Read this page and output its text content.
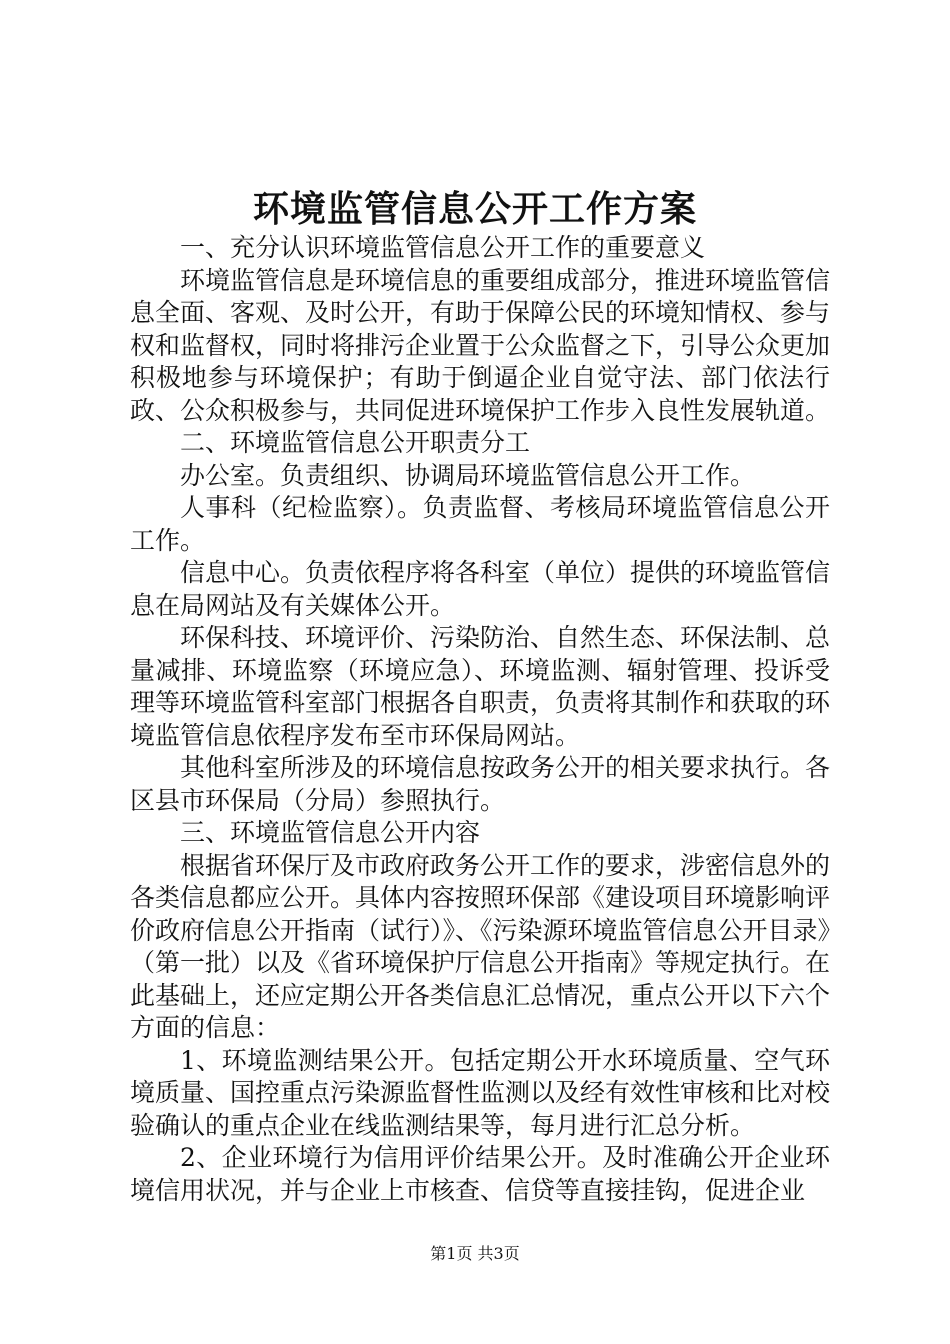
环境监管信息公开工作方案

一、充分认识环境监管信息公开工作的重要意义

环境监管信息是环境信息的重要组成部分，推进环境监管信息全面、客观、及时公开，有助于保障公民的环境知情权、参与权和监督权，同时将排污企业置于公众监督之下，引导公众更加积极地参与环境保护；有助于倒逼企业自觉守法、部门依法行政、公众积极参与，共同促进环境保护工作步入良性发展轨道。

二、环境监管信息公开职责分工

办公室。负责组织、协调局环境监管信息公开工作。

人事科（纪检监察）。负责监督、考核局环境监管信息公开工作。

信息中心。负责依程序将各科室（单位）提供的环境监管信息在局网站及有关媒体公开。

环保科技、环境评价、污染防治、自然生态、环保法制、总量减排、环境监察（环境应急）、环境监测、辐射管理、投诉受理等环境监管科室部门根据各自职责，负责将其制作和获取的环境监管信息依程序发布至市环保局网站。

其他科室所涉及的环境信息按政务公开的相关要求执行。各区县市环保局（分局）参照执行。

三、环境监管信息公开内容

根据省环保厅及市政府政务公开工作的要求，涉密信息外的各类信息都应公开。具体内容按照环保部《建设项目环境影响评价政府信息公开指南（试行）》、《污染源环境监管信息公开目录》（第一批）以及《省环境保护厅信息公开指南》等规定执行。在此基础上，还应定期公开各类信息汇总情况，重点公开以下六个方面的信息：

1、环境监测结果公开。包括定期公开水环境质量、空气环境质量、国控重点污染源监督性监测以及经有效性审核和比对校验确认的重点企业在线监测结果等，每月进行汇总分析。

2、企业环境行为信用评价结果公开。及时准确公开企业环境信用状况，并与企业上市核查、信贷等直接挂钩，促进企业

第1页 共3页
